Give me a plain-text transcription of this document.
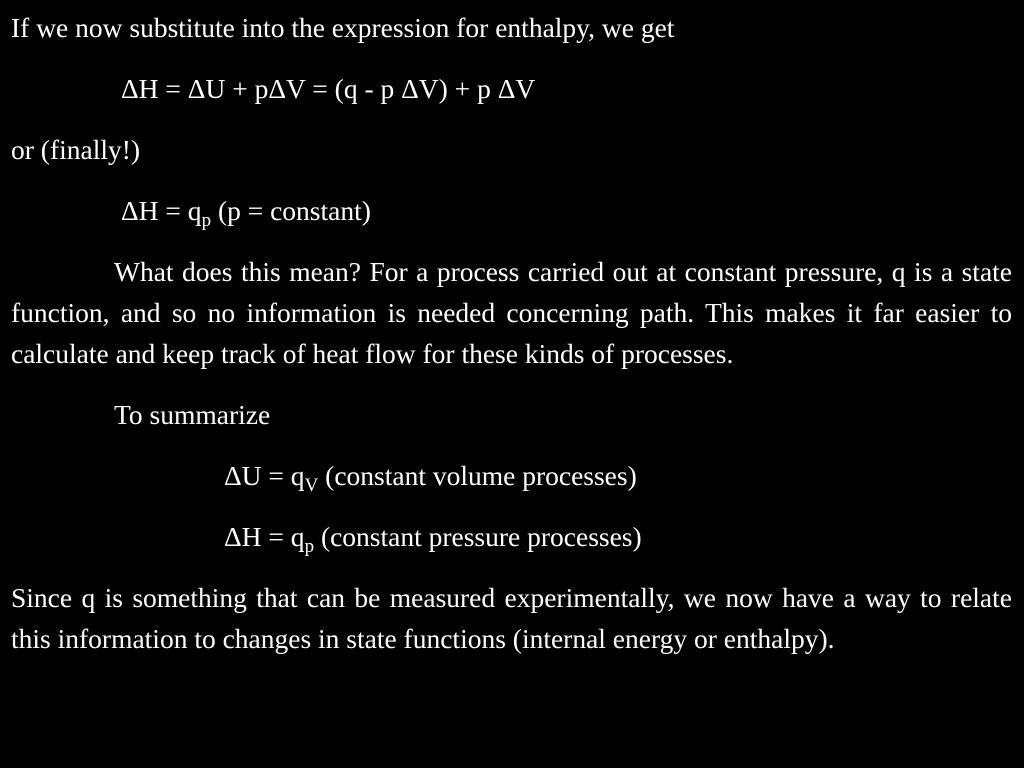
If we now substitute into the expression for enthalpy, we get
ΔH = ΔU + pΔV = (q - p ΔV) + p ΔV
or (finally!)
$\Delta H = q_p$ (p = constant)
What does this mean? For a process carried out at constant pressure, q is a state function, and so no information is needed concerning path. This makes it far easier to calculate and keep track of heat flow for these kinds of processes.
To summarize
$\Delta U = q_V$ (constant volume processes)
$\Delta H = q_p$ (constant pressure processes)
Since q is something that can be measured experimentally, we now have a way to relate this information to changes in state functions (internal energy or enthalpy).
